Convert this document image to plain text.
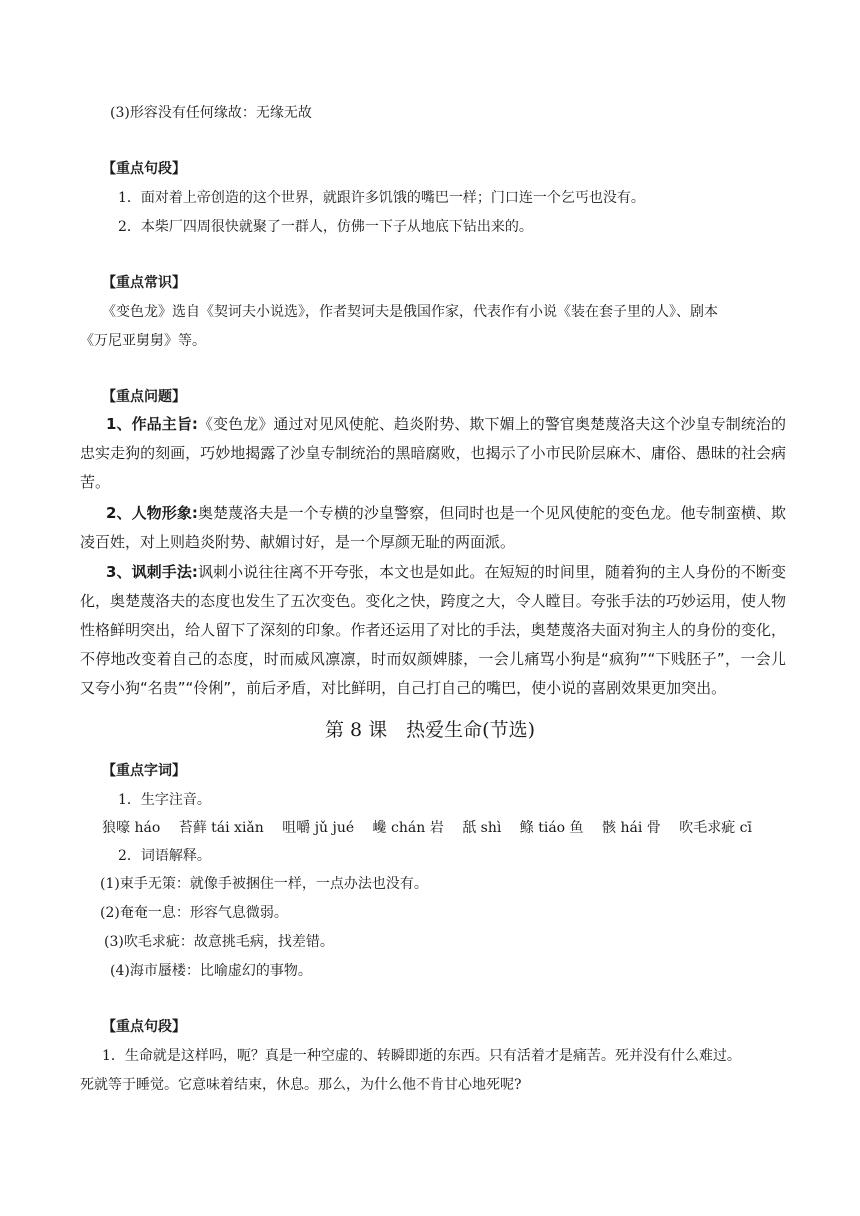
(3)形容没有任何缘故：无缘无故
【重点句段】
1．面对着上帝创造的这个世界，就跟许多饥饿的嘴巴一样；门口连一个乞丐也没有。
2．本柴厂四周很快就聚了一群人，仿佛一下子从地底下钻出来的。
【重点常识】
《变色龙》选自《契诃夫小说选》，作者契诃夫是俄国作家，代表作有小说《装在套子里的人》、剧本
《万尼亚舅舅》等。
【重点问题】
1、作品主旨:《变色龙》通过对见风使舵、趋炎附势、欺下媚上的警官奥楚蔑洛夫这个沙皇专制统治的忠实走狗的刻画，巧妙地揭露了沙皇专制统治的黑暗腐败，也揭示了小市民阶层麻木、庸俗、愚昧的社会病苦。
2、人物形象:奥楚蔑洛夫是一个专横的沙皇警察，但同时也是一个见风使舵的变色龙。他专制蛮横、欺凌百姓，对上则趋炎附势、献媚讨好，是一个厚颜无耻的两面派。
3、讽刺手法:讽刺小说往往离不开夸张，本文也是如此。在短短的时间里，随着狗的主人身份的不断变化，奥楚蔑洛夫的态度也发生了五次变色。变化之快，跨度之大，令人瞠目。夸张手法的巧妙运用，使人物性格鲜明突出，给人留下了深刻的印象。作者还运用了对比的手法，奥楚蔑洛夫面对狗主人的身份的变化，不停地改变着自己的态度，时而威风凛凛，时而奴颜婢膝，一会儿痛骂小狗是“疯狗”“下贱胚子”，一会儿又夸小狗“名贵”“伶俐”，前后矛盾，对比鲜明，自己打自己的嘴巴，使小说的喜剧效果更加突出。
第 8 课　热爱生命(节选)
【重点字词】
1．生字注音。
狼嚎 háo 苔藓 tái xiǎn 咀嚼 jǔ jué 巉 chán 岩 舐 shì 鲦 tiáo 鱼 骸 hái 骨 吹毛求疵 cī
2．词语解释。
(1)束手无策：就像手被捆住一样，一点办法也没有。
(2)奄奄一息：形容气息微弱。
(3)吹毛求疵：故意挑毛病，找差错。
(4)海市蜃楼：比喻虚幻的事物。
【重点句段】
1．生命就是这样吗，呃？真是一种空虚的、转瞬即逝的东西。只有活着才是痛苦。死并没有什么难过。
死就等于睡觉。它意味着结束，休息。那么，为什么他不肯甘心地死呢?
